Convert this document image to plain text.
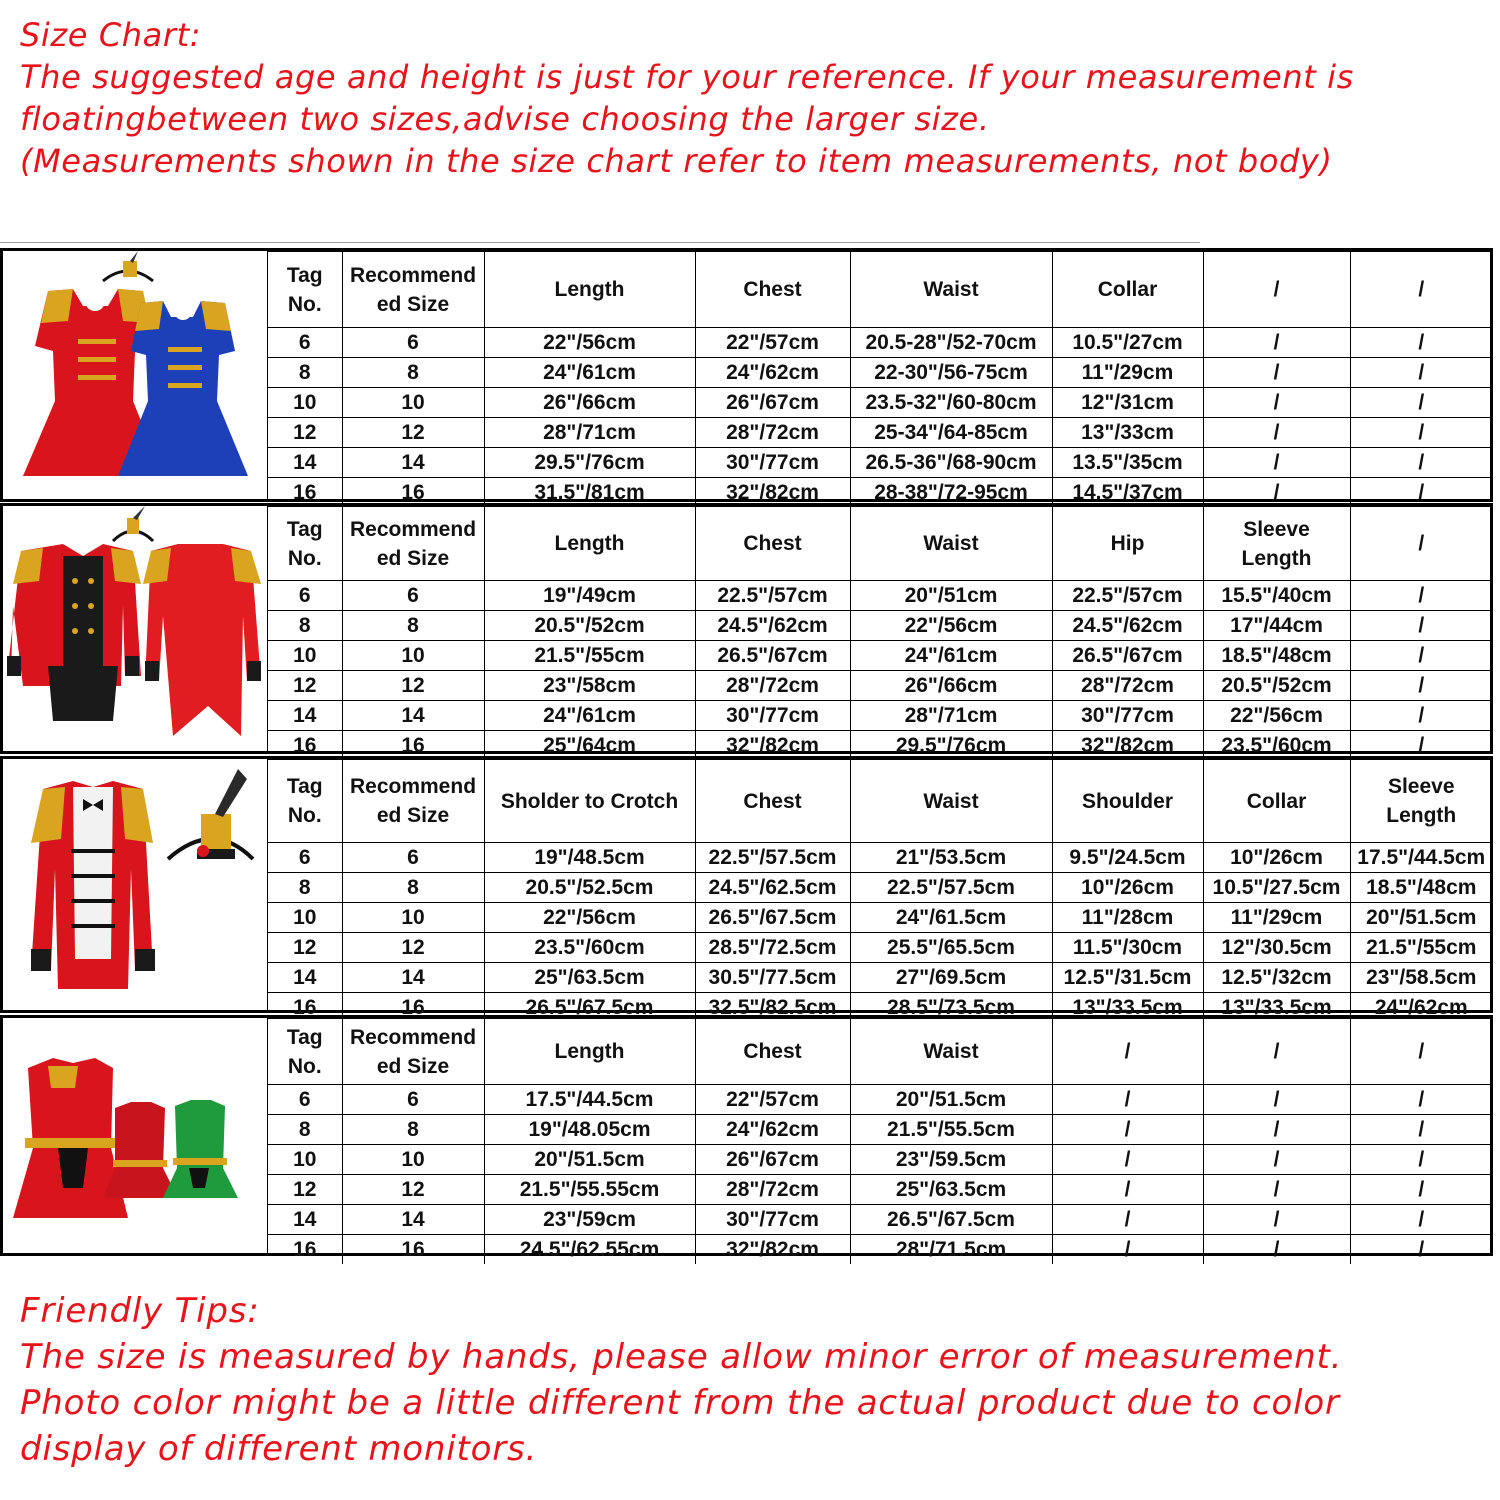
Size Chart:
The suggested age and height is just for your reference. If your measurement is
floatingbetween two sizes,advise choosing the larger size.
(Measurements shown in the size chart refer to item measurements, not body)
Tag
No.	Recommend
ed Size	Length	Chest	Waist	Collar	/	/
6	6	22"/56cm	22"/57cm	20.5-28"/52-70cm	10.5"/27cm	/	/
8	8	24"/61cm	24"/62cm	22-30"/56-75cm	11"/29cm	/	/
10	10	26"/66cm	26"/67cm	23.5-32"/60-80cm	12"/31cm	/	/
12	12	28"/71cm	28"/72cm	25-34"/64-85cm	13"/33cm	/	/
14	14	29.5"/76cm	30"/77cm	26.5-36"/68-90cm	13.5"/35cm	/	/
16	16	31.5"/81cm	32"/82cm	28-38"/72-95cm	14.5"/37cm	/	/
Tag
No.	Recommend
ed Size	Length	Chest	Waist	Hip	Sleeve
Length	/
6	6	19"/49cm	22.5"/57cm	20"/51cm	22.5"/57cm	15.5"/40cm	/
8	8	20.5"/52cm	24.5"/62cm	22"/56cm	24.5"/62cm	17"/44cm	/
10	10	21.5"/55cm	26.5"/67cm	24"/61cm	26.5"/67cm	18.5"/48cm	/
12	12	23"/58cm	28"/72cm	26"/66cm	28"/72cm	20.5"/52cm	/
14	14	24"/61cm	30"/77cm	28"/71cm	30"/77cm	22"/56cm	/
16	16	25"/64cm	32"/82cm	29.5"/76cm	32"/82cm	23.5"/60cm	/
Tag
No.	Recommend
ed Size	Sholder to Crotch	Chest	Waist	Shoulder	Collar	Sleeve
Length
6	6	19"/48.5cm	22.5"/57.5cm	21"/53.5cm	9.5"/24.5cm	10"/26cm	17.5"/44.5cm
8	8	20.5"/52.5cm	24.5"/62.5cm	22.5"/57.5cm	10"/26cm	10.5"/27.5cm	18.5"/48cm
10	10	22"/56cm	26.5"/67.5cm	24"/61.5cm	11"/28cm	11"/29cm	20"/51.5cm
12	12	23.5"/60cm	28.5"/72.5cm	25.5"/65.5cm	11.5"/30cm	12"/30.5cm	21.5"/55cm
14	14	25"/63.5cm	30.5"/77.5cm	27"/69.5cm	12.5"/31.5cm	12.5"/32cm	23"/58.5cm
16	16	26.5"/67.5cm	32.5"/82.5cm	28.5"/73.5cm	13"/33.5cm	13"/33.5cm	24"/62cm
Tag
No.	Recommend
ed Size	Length	Chest	Waist	/	/	/
6	6	17.5"/44.5cm	22"/57cm	20"/51.5cm	/	/	/
8	8	19"/48.05cm	24"/62cm	21.5"/55.5cm	/	/	/
10	10	20"/51.5cm	26"/67cm	23"/59.5cm	/	/	/
12	12	21.5"/55.55cm	28"/72cm	25"/63.5cm	/	/	/
14	14	23"/59cm	30"/77cm	26.5"/67.5cm	/	/	/
16	16	24.5"/62.55cm	32"/82cm	28"/71.5cm	/	/	/
Friendly Tips:
The size is measured by hands, please allow minor error of measurement.
Photo color might be a little different from the actual product due to color
display of different monitors.
